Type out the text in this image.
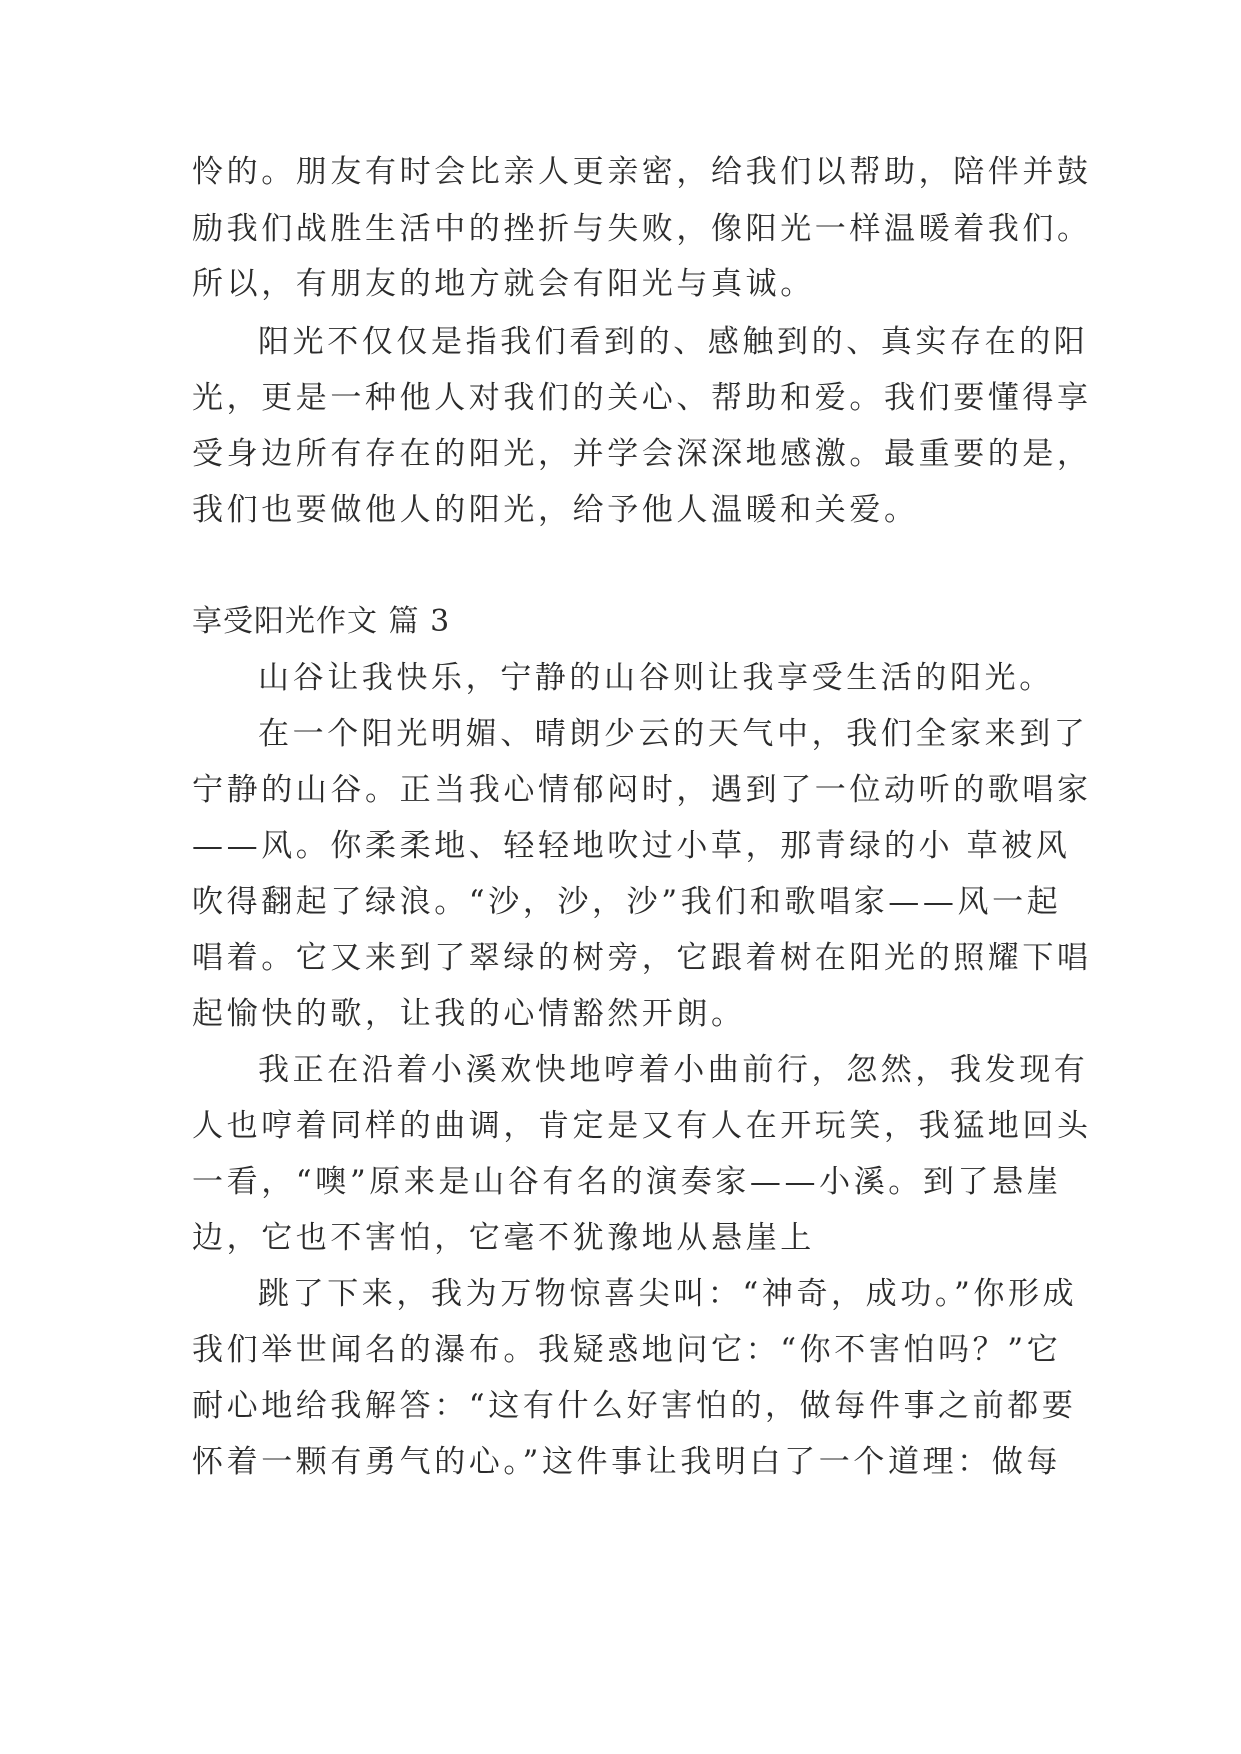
怜的。朋友有时会比亲人更亲密，给我们以帮助，陪伴并鼓
励我们战胜生活中的挫折与失败，像阳光一样温暖着我们。
所以，有朋友的地方就会有阳光与真诚。
阳光不仅仅是指我们看到的、感触到的、真实存在的阳
光，更是一种他人对我们的关心、帮助和爱。我们要懂得享
受身边所有存在的阳光，并学会深深地感激。最重要的是，
我们也要做他人的阳光，给予他人温暖和关爱。
享受阳光作文 篇 3
山谷让我快乐，宁静的山谷则让我享受生活的阳光。
在一个阳光明媚、晴朗少云的天气中，我们全家来到了
宁静的山谷。正当我心情郁闷时，遇到了一位动听的歌唱家
——风。你柔柔地、轻轻地吹过小草，那青绿的小 草被风
吹得翻起了绿浪。“沙，沙，沙”我们和歌唱家——风一起
唱着。它又来到了翠绿的树旁，它跟着树在阳光的照耀下唱
起愉快的歌，让我的心情豁然开朗。
我正在沿着小溪欢快地哼着小曲前行，忽然，我发现有
人也哼着同样的曲调，肯定是又有人在开玩笑，我猛地回头
一看，“噢”原来是山谷有名的演奏家——小溪。到了悬崖
边，它也不害怕，它毫不犹豫地从悬崖上
跳了下来，我为万物惊喜尖叫：“神奇，成功。”你形成
我们举世闻名的瀑布。我疑惑地问它：“你不害怕吗？”它
耐心地给我解答：“这有什么好害怕的，做每件事之前都要
怀着一颗有勇气的心。”这件事让我明白了一个道理：做每
